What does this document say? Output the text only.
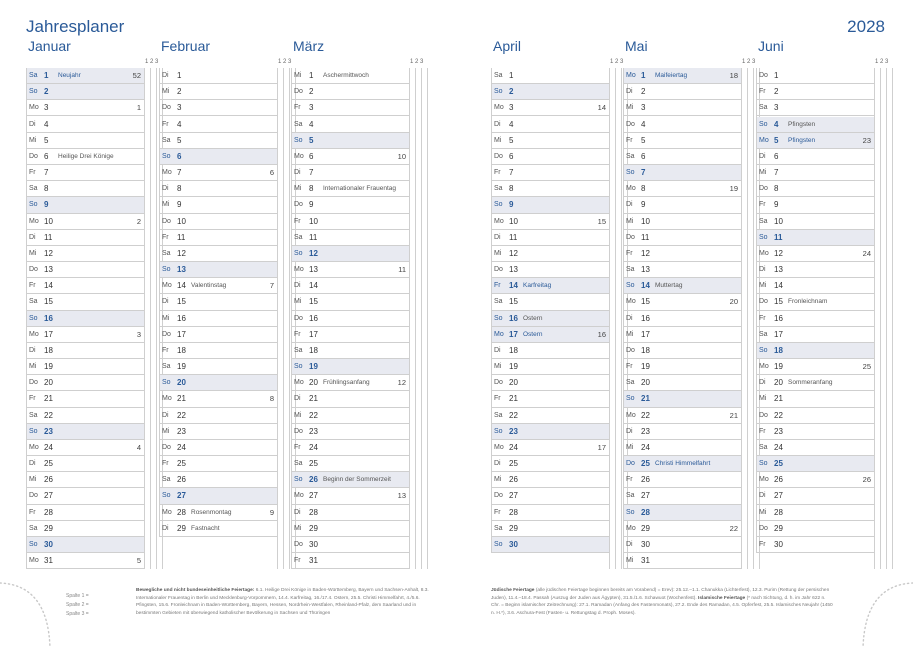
Jahresplaner	2028
Januar
1 2 3
Sa 1 Neujahr	52
So 2
Mo 3	1
Di 4
Mi 5
Do 6 Heilige Drei Könige
Fr 7
Sa 8
So 9
Mo 10	2
Di 11
Mi 12
Do 13
Fr 14
Sa 15
So 16
Mo 17	3
Di 18
Mi 19
Do 20
Fr 21
Sa 22
So 23
Mo 24	4
Di 25
Mi 26
Do 27
Fr 28
Sa 29
So 30
Mo 31	5
Februar
1 2 3
Di 1
Mi 2
Do 3
Fr 4
Sa 5
So 6
Mo 7	6
Di 8
Mi 9
Do 10
Fr 11
Sa 12
So 13
Mo 14 Valentinstag	7
Di 15
Mi 16
Do 17
Fr 18
Sa 19
So 20
Mo 21	8
Di 22
Mi 23
Do 24
Fr 25
Sa 26
So 27
Mo 28 Rosenmontag	9
Di 29 Fastnacht
März
1 2 3
Mi 1 Aschermittwoch
Do 2
Fr 3
Sa 4
So 5
Mo 6	10
Di 7
Mi 8 Internationaler Frauentag
Do 9
Fr 10
Sa 11
So 12
Mo 13	11
Di 14
Mi 15
Do 16
Fr 17
Sa 18
So 19
Mo 20 Frühlingsanfang	12
Di 21
Mi 22
Do 23
Fr 24
Sa 25
So 26 Beginn der Sommerzeit
Mo 27	13
Di 28
Mi 29
Do 30
Fr 31
April
1 2 3
Sa 1
So 2
Mo 3	14
Di 4
Mi 5
Do 6
Fr 7
Sa 8
So 9
Mo 10	15
Di 11
Mi 12
Do 13
Fr 14 Karfreitag
Sa 15
So 16 Ostern
Mo 17 Ostern	16
Di 18
Mi 19
Do 20
Fr 21
Sa 22
So 23
Mo 24	17
Di 25
Mi 26
Do 27
Fr 28
Sa 29
So 30
Mai
1 2 3
Mo 1 Maifeiertag	18
Di 2
Mi 3
Do 4
Fr 5
Sa 6
So 7
Mo 8	19
Di 9
Mi 10
Do 11
Fr 12
Sa 13
So 14 Muttertag
Mo 15	20
Di 16
Mi 17
Do 18
Fr 19
Sa 20
So 21
Mo 22	21
Di 23
Mi 24
Do 25 Christi Himmelfahrt
Fr 26
Sa 27
So 28
Mo 29	22
Di 30
Mi 31
Juni
1 2 3
Do 1
Fr 2
Sa 3
So 4 Pfingsten
Mo 5 Pfingsten	23
Di 6
Mi 7
Do 8
Fr 9
Sa 10
So 11
Mo 12	24
Di 13
Mi 14
Do 15 Fronleichnam
Fr 16
Sa 17
So 18
Mo 19	25
Di 20 Sommeranfang
Mi 21
Do 22
Fr 23
Sa 24
So 25
Mo 26	26
Di 27
Mi 28
Do 29
Fr 30
Spalte 1 =
Spalte 2 =
Spalte 3 =
Bewegliche und nicht bundeseinheitliche Feiertage: 6.1. Heilige Drei Könige in Baden-Württemberg, Bayern und Sachsen-Anhalt, 8.3. Internationaler Frauentag in Berlin und Mecklenburg-Vorpommern, 14.4. Karfreitag, 16./17.4. Ostern, 25.5. Christi Himmelfahrt, 4./5.6. Pfingsten, 15.6. Fronleichnam in Baden-Württemberg, Bayern, Hessen, Nordrhein-Westfalen, Rheinland-Pfalz, dem Saarland und in bestimmten Gebieten mit überwiegend katholischer Bevölkerung in Sachsen und Thüringen
Jüdische Feiertage (alle jüdischen Feiertage beginnen bereits am Vorabend) = Erev): 25.12.–1.1. Chanukka (Lichterfest), 12.3. Purim (Rettung der persischen Juden), 11.4.–18.4. Passah (Auszug der Juden aus Ägypten), 31.5./1.6. Schawuot (Wochenfest). Islamische Feiertage (* nach Sichtung, d. h. im Jahr 622 n. Chr. = Beginn islamischer Zeitrechnung): 27.1. Ramadan (Anfang des Fastenmonats), 27.2. Ende des Ramadan, 4.5. Opferfest, 25.5. Islamisches Neujahr (1450 n. H.*), 3.6. Aschura-Fest (Fasten- u. Rettungstag d. Proph. Moses).
